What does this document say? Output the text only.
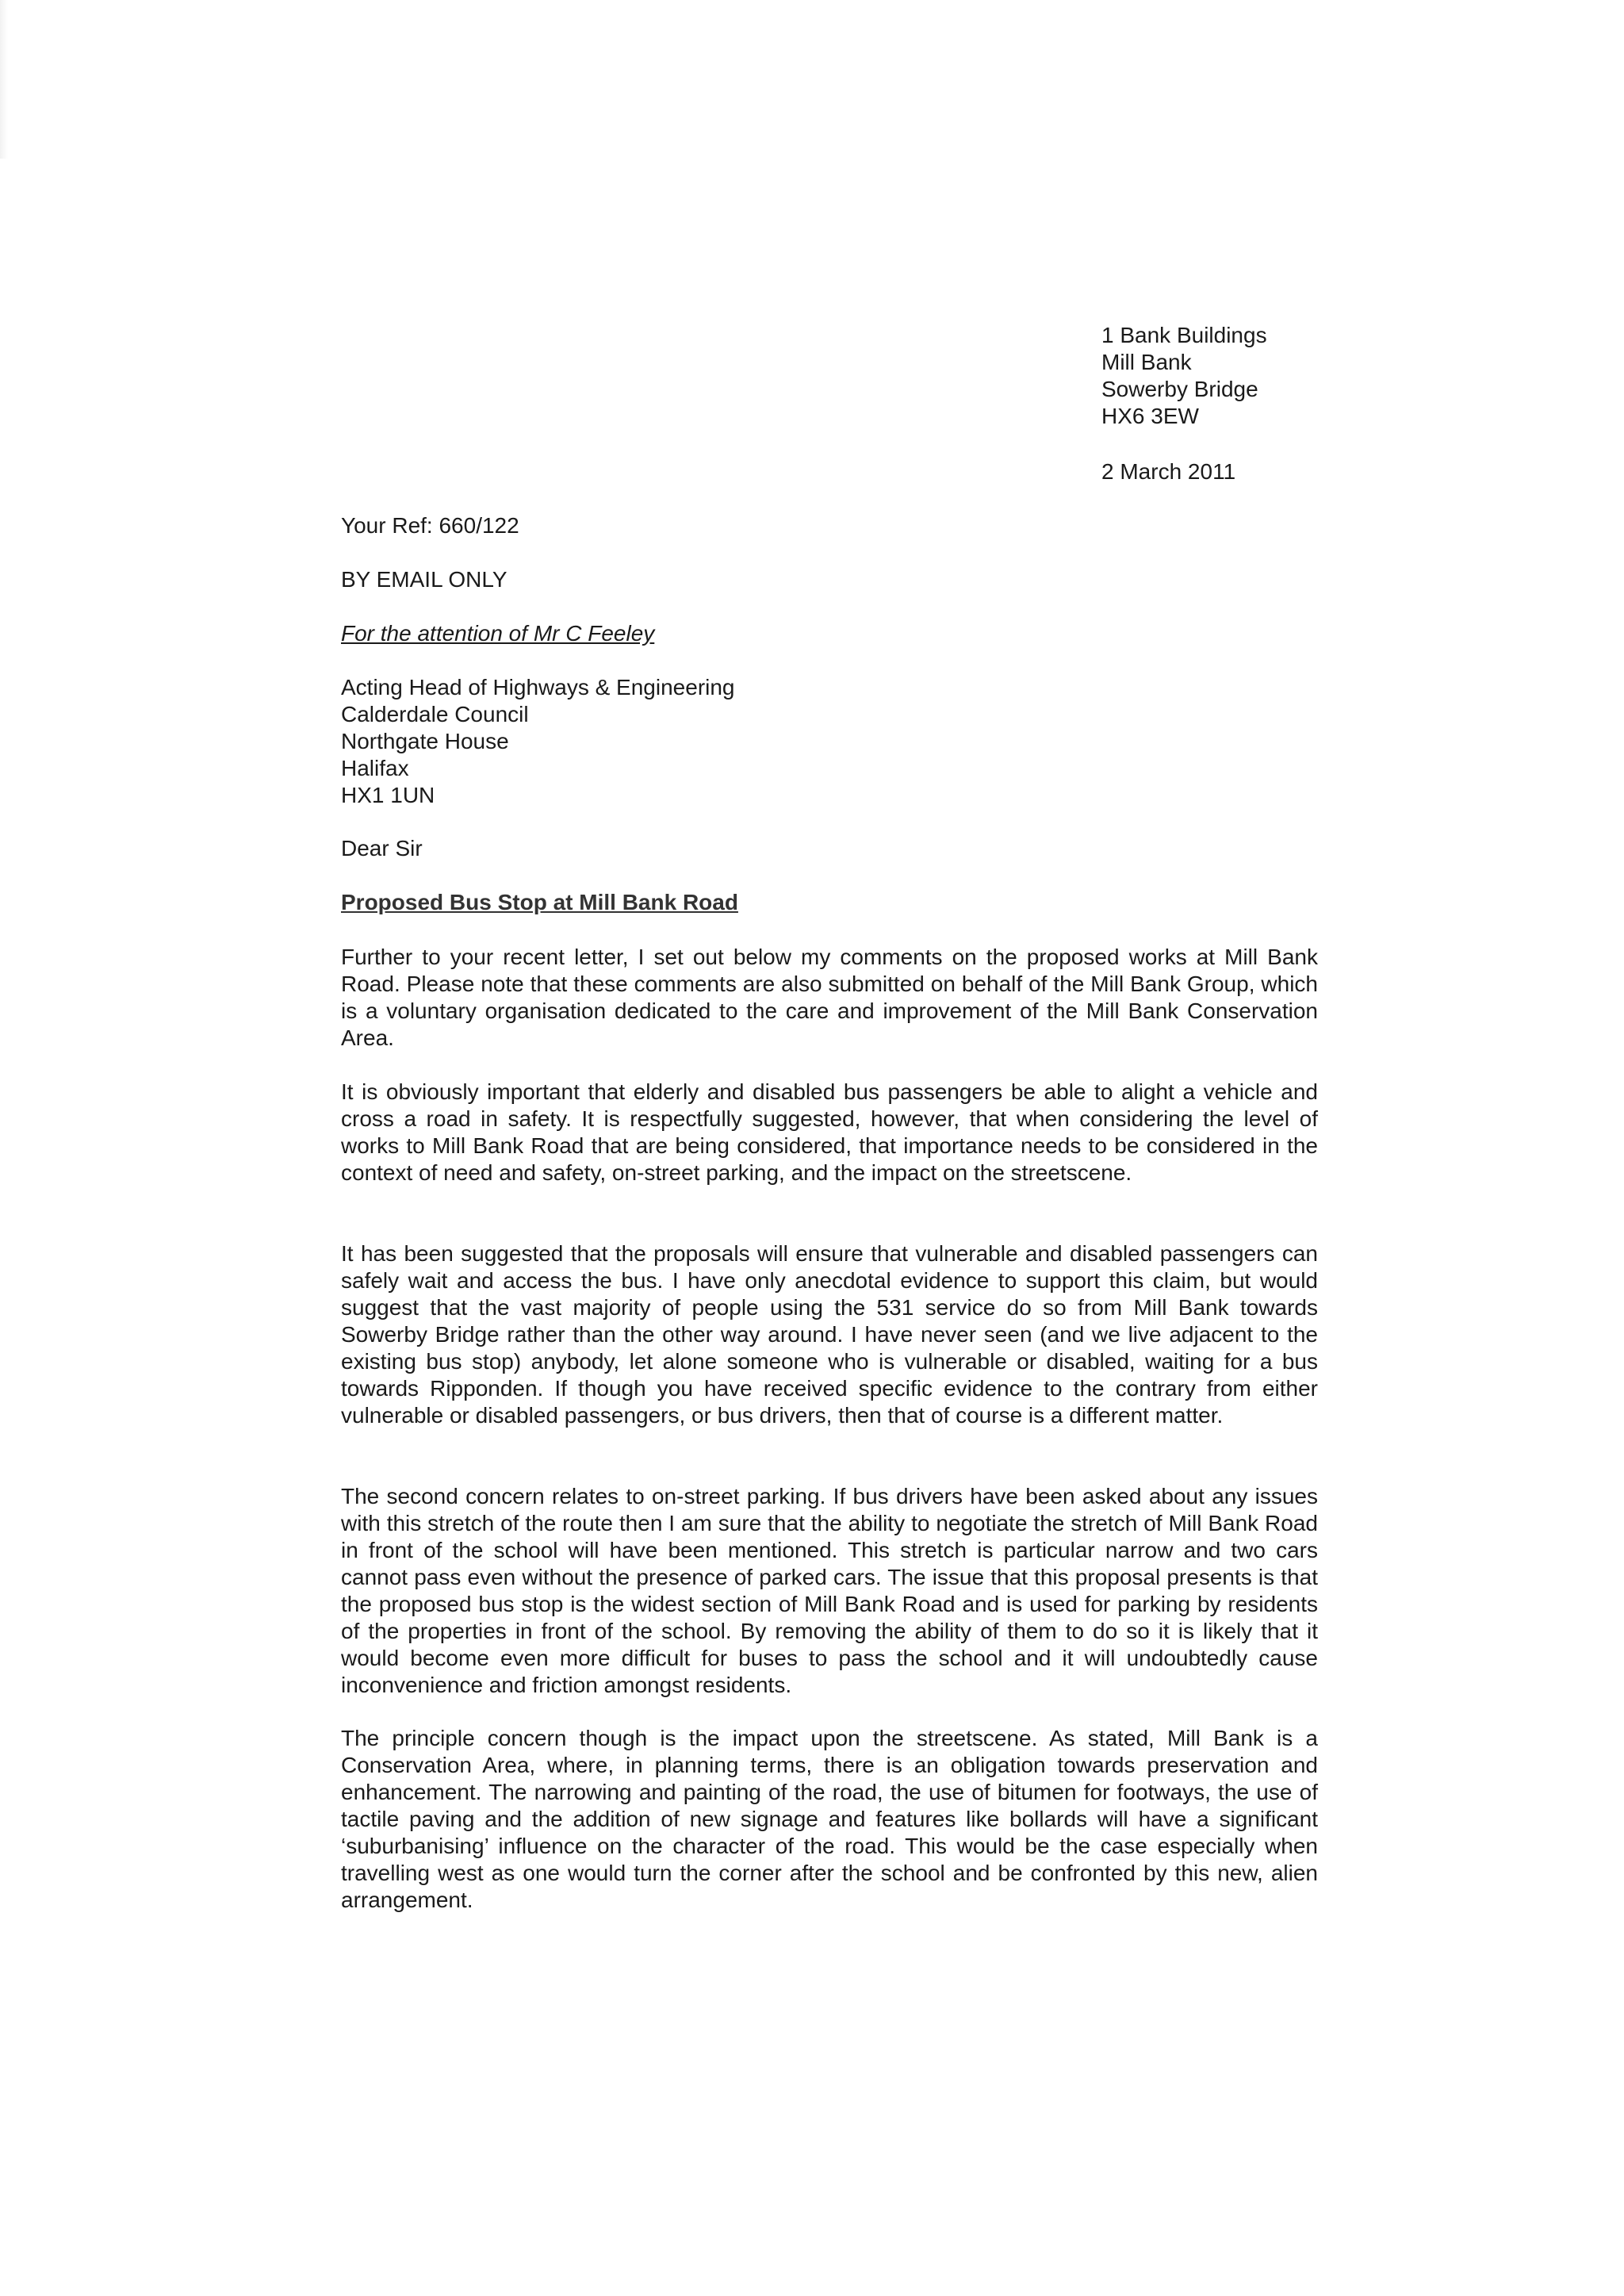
1 Bank Buildings
Mill Bank
Sowerby Bridge
HX6 3EW
2 March 2011
Your Ref: 660/122
BY EMAIL ONLY
For the attention of Mr C Feeley
Acting Head of Highways & Engineering
Calderdale Council
Northgate House
Halifax
HX1 1UN
Dear Sir
Proposed Bus Stop at Mill Bank Road
Further to your recent letter, I set out below my comments on the proposed works at Mill Bank Road. Please note that these comments are also submitted on behalf of the Mill Bank Group, which is a voluntary organisation dedicated to the care and improvement of the Mill Bank Conservation Area.
It is obviously important that elderly and disabled bus passengers be able to alight a vehicle and cross a road in safety. It is respectfully suggested, however, that when considering the level of works to Mill Bank Road that are being considered, that importance needs to be considered in the context of need and safety, on-street parking, and the impact on the streetscene.
It has been suggested that the proposals will ensure that vulnerable and disabled passengers can safely wait and access the bus. I have only anecdotal evidence to support this claim, but would suggest that the vast majority of people using the 531 service do so from Mill Bank towards Sowerby Bridge rather than the other way around. I have never seen (and we live adjacent to the existing bus stop) anybody, let alone someone who is vulnerable or disabled, waiting for a bus towards Ripponden. If though you have received specific evidence to the contrary from either vulnerable or disabled passengers, or bus drivers, then that of course is a different matter.
The second concern relates to on-street parking. If bus drivers have been asked about any issues with this stretch of the route then I am sure that the ability to negotiate the stretch of Mill Bank Road in front of the school will have been mentioned. This stretch is particular narrow and two cars cannot pass even without the presence of parked cars. The issue that this proposal presents is that the proposed bus stop is the widest section of Mill Bank Road and is used for parking by residents of the properties in front of the school. By removing the ability of them to do so it is likely that it would become even more difficult for buses to pass the school and it will undoubtedly cause inconvenience and friction amongst residents.
The principle concern though is the impact upon the streetscene. As stated, Mill Bank is a Conservation Area, where, in planning terms, there is an obligation towards preservation and enhancement. The narrowing and painting of the road, the use of bitumen for footways, the use of tactile paving and the addition of new signage and features like bollards will have a significant ‘suburbanising’ influence on the character of the road. This would be the case especially when travelling west as one would turn the corner after the school and be confronted by this new, alien arrangement.
